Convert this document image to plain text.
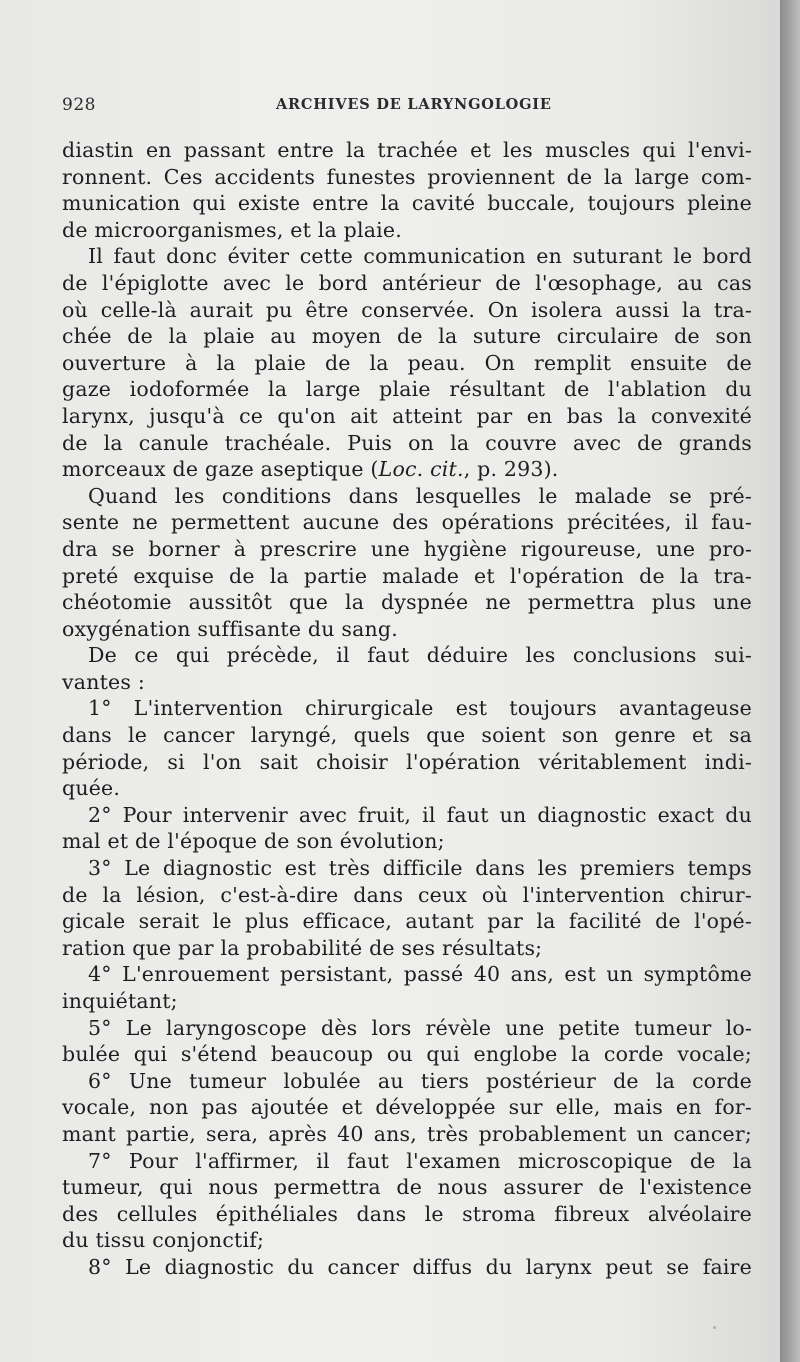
928	ARCHIVES DE LARYNGOLOGIE
diastin en passant entre la trachée et les muscles qui l'envi-
ronnent. Ces accidents funestes proviennent de la large com-
munication qui existe entre la cavité buccale, toujours pleine
de microorganismes, et la plaie.
Il faut donc éviter cette communication en suturant le bord
de l'épiglotte avec le bord antérieur de l'œsophage, au cas
où celle-là aurait pu être conservée. On isolera aussi la tra-
chée de la plaie au moyen de la suture circulaire de son
ouverture à la plaie de la peau. On remplit ensuite de
gaze iodoformée la large plaie résultant de l'ablation du
larynx, jusqu'à ce qu'on ait atteint par en bas la convexité
de la canule trachéale. Puis on la couvre avec de grands
morceaux de gaze aseptique (Loc. cit., p. 293).
Quand les conditions dans lesquelles le malade se pré-
sente ne permettent aucune des opérations précitées, il fau-
dra se borner à prescrire une hygiène rigoureuse, une pro-
preté exquise de la partie malade et l'opération de la tra-
chéotomie aussitôt que la dyspnée ne permettra plus une
oxygénation suffisante du sang.
De ce qui précède, il faut déduire les conclusions sui-
vantes :
1° L'intervention chirurgicale est toujours avantageuse
dans le cancer laryngé, quels que soient son genre et sa
période, si l'on sait choisir l'opération véritablement indi-
quée.
2° Pour intervenir avec fruit, il faut un diagnostic exact du
mal et de l'époque de son évolution;
3° Le diagnostic est très difficile dans les premiers temps
de la lésion, c'est-à-dire dans ceux où l'intervention chirur-
gicale serait le plus efficace, autant par la facilité de l'opé-
ration que par la probabilité de ses résultats;
4° L'enrouement persistant, passé 40 ans, est un symptôme
inquiétant;
5° Le laryngoscope dès lors révèle une petite tumeur lo-
bulée qui s'étend beaucoup ou qui englobe la corde vocale;
6° Une tumeur lobulée au tiers postérieur de la corde
vocale, non pas ajoutée et développée sur elle, mais en for-
mant partie, sera, après 40 ans, très probablement un cancer;
7° Pour l'affirmer, il faut l'examen microscopique de la
tumeur, qui nous permettra de nous assurer de l'existence
des cellules épithéliales dans le stroma fibreux alvéolaire
du tissu conjonctif;
8° Le diagnostic du cancer diffus du larynx peut se faire
